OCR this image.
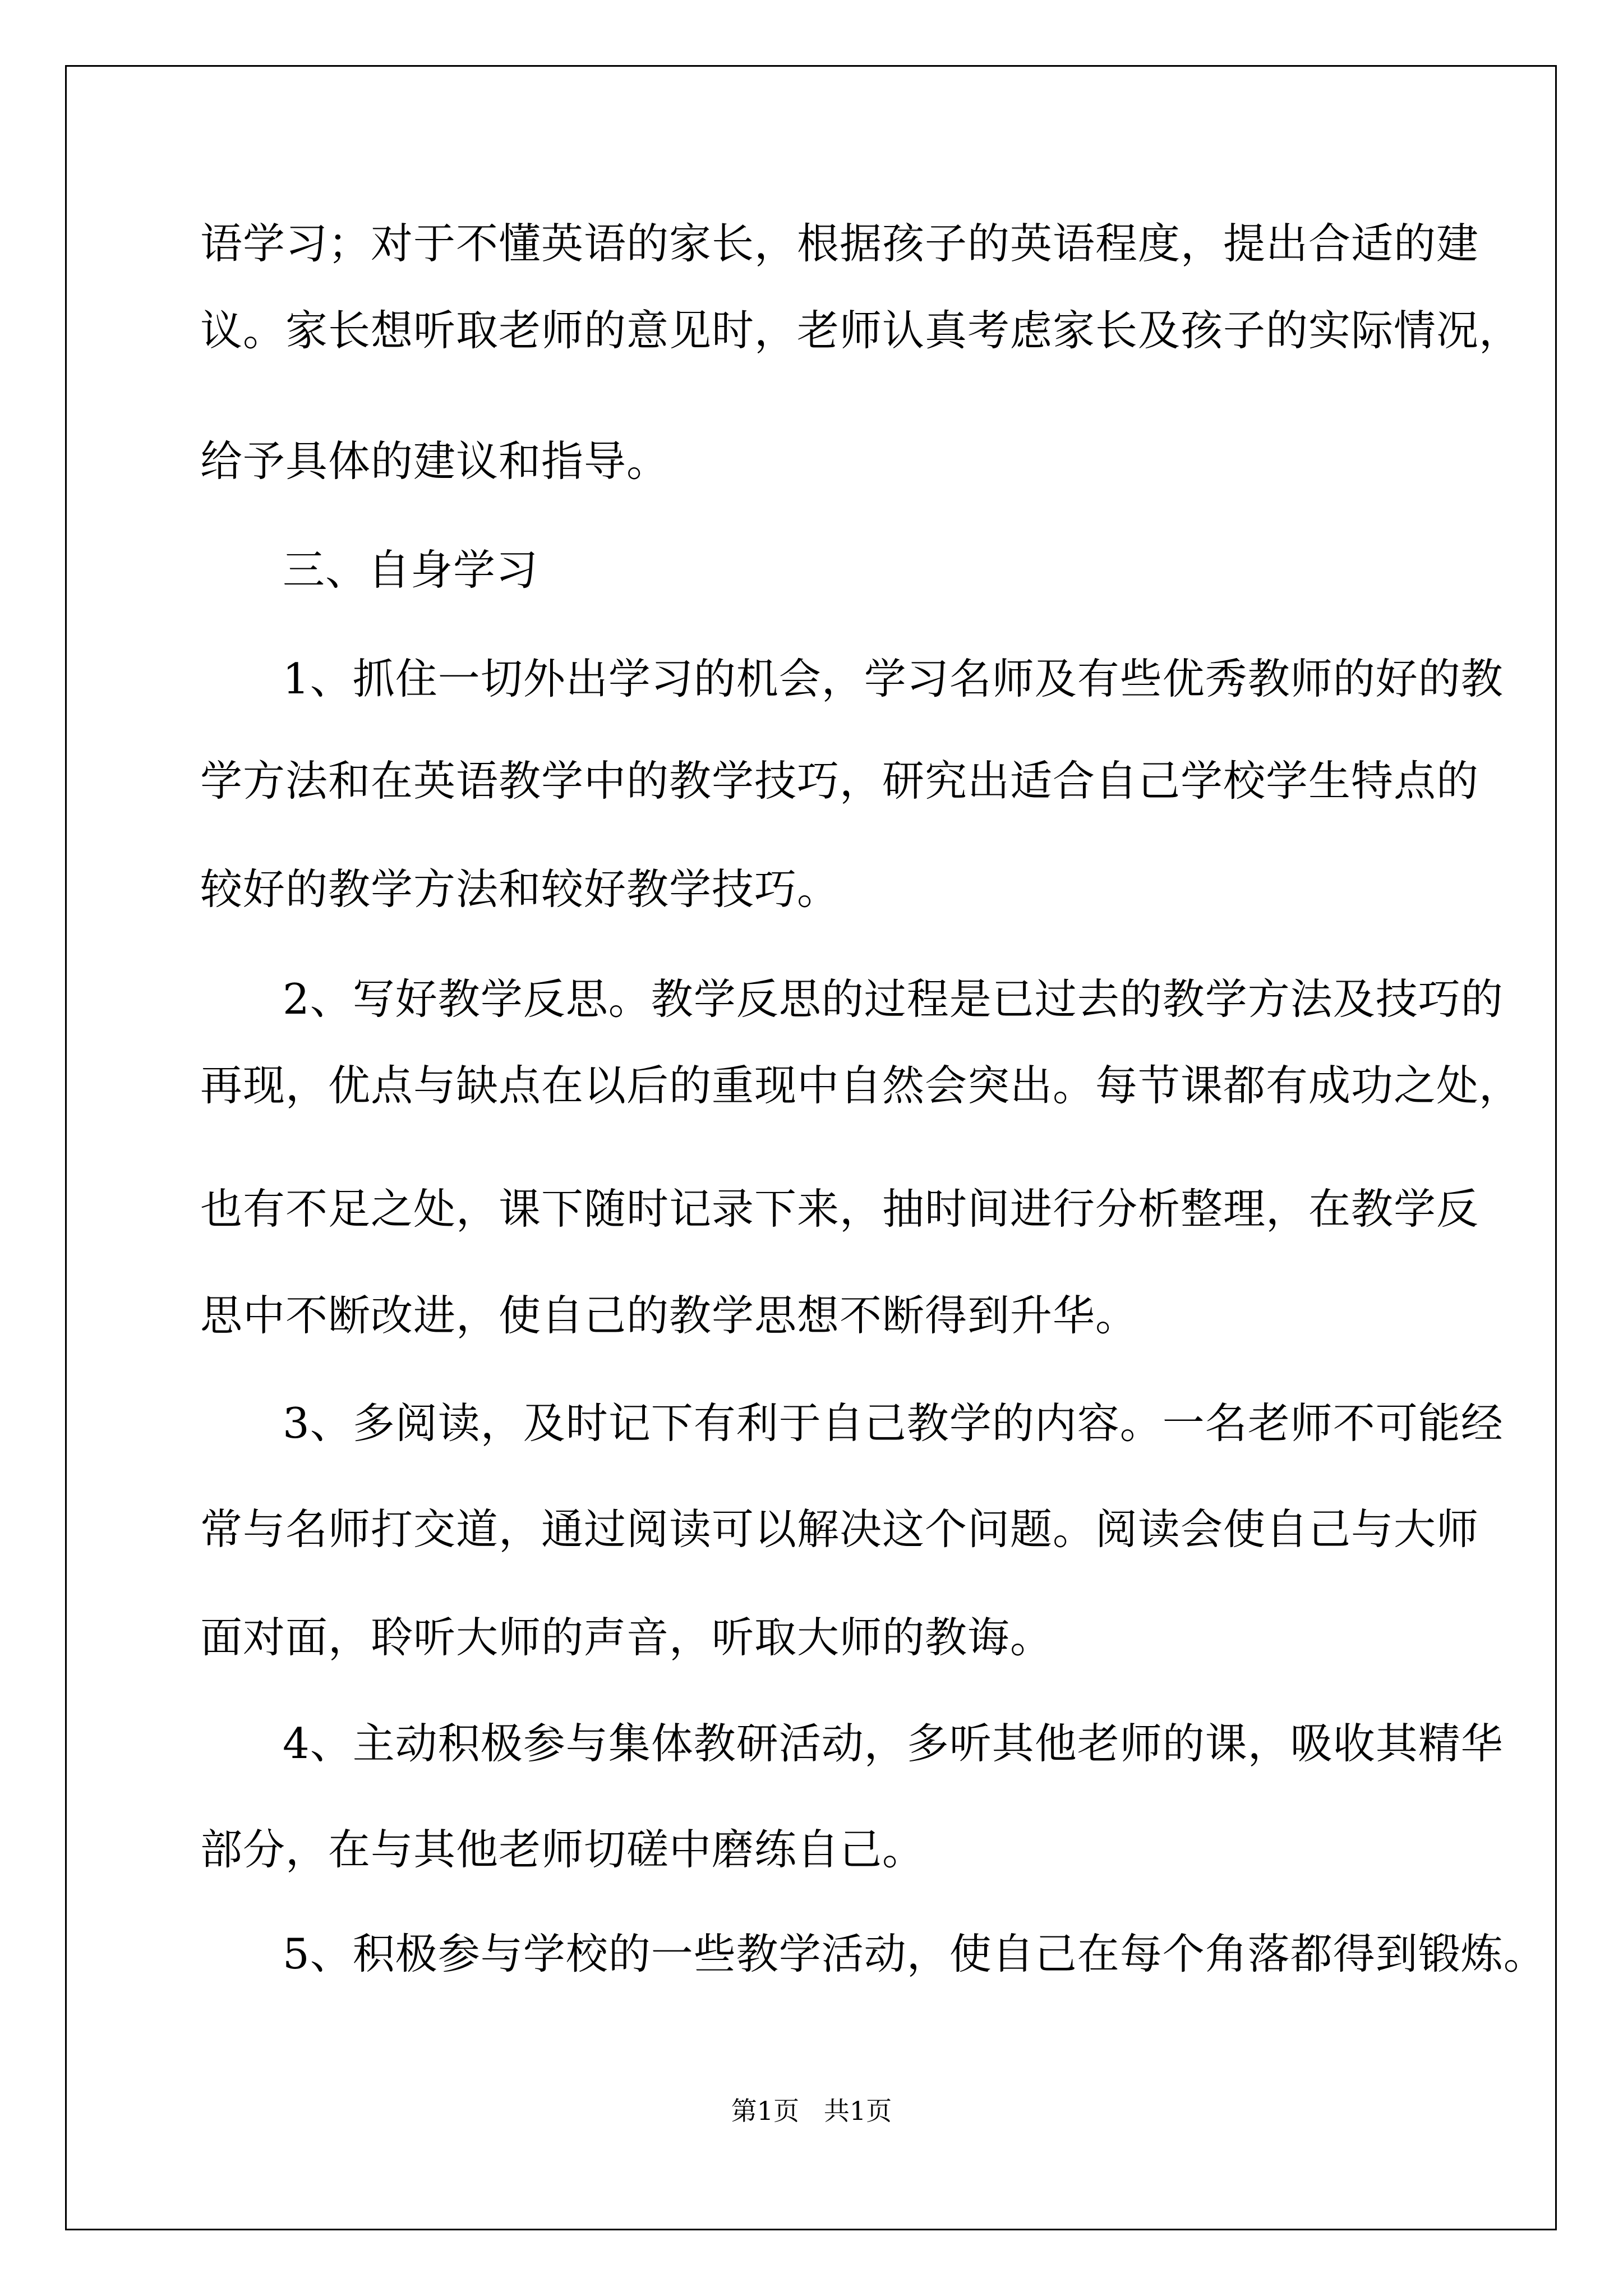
语学习；对于不懂英语的家长，根据孩子的英语程度，提出合适的建
议。家长想听取老师的意见时，老师认真考虑家长及孩子的实际情况，
给予具体的建议和指导。
三、自身学习
1、抓住一切外出学习的机会，学习名师及有些优秀教师的好的教
学方法和在英语教学中的教学技巧，研究出适合自己学校学生特点的
较好的教学方法和较好教学技巧。
2、写好教学反思。教学反思的过程是已过去的教学方法及技巧的
再现，优点与缺点在以后的重现中自然会突出。每节课都有成功之处，
也有不足之处，课下随时记录下来，抽时间进行分析整理，在教学反
思中不断改进，使自己的教学思想不断得到升华。
3、多阅读，及时记下有利于自己教学的内容。一名老师不可能经
常与名师打交道，通过阅读可以解决这个问题。阅读会使自己与大师
面对面，聆听大师的声音，听取大师的教诲。
4、主动积极参与集体教研活动，多听其他老师的课，吸收其精华
部分，在与其他老师切磋中磨练自己。
5、积极参与学校的一些教学活动，使自己在每个角落都得到锻炼。
第1页   共1页
